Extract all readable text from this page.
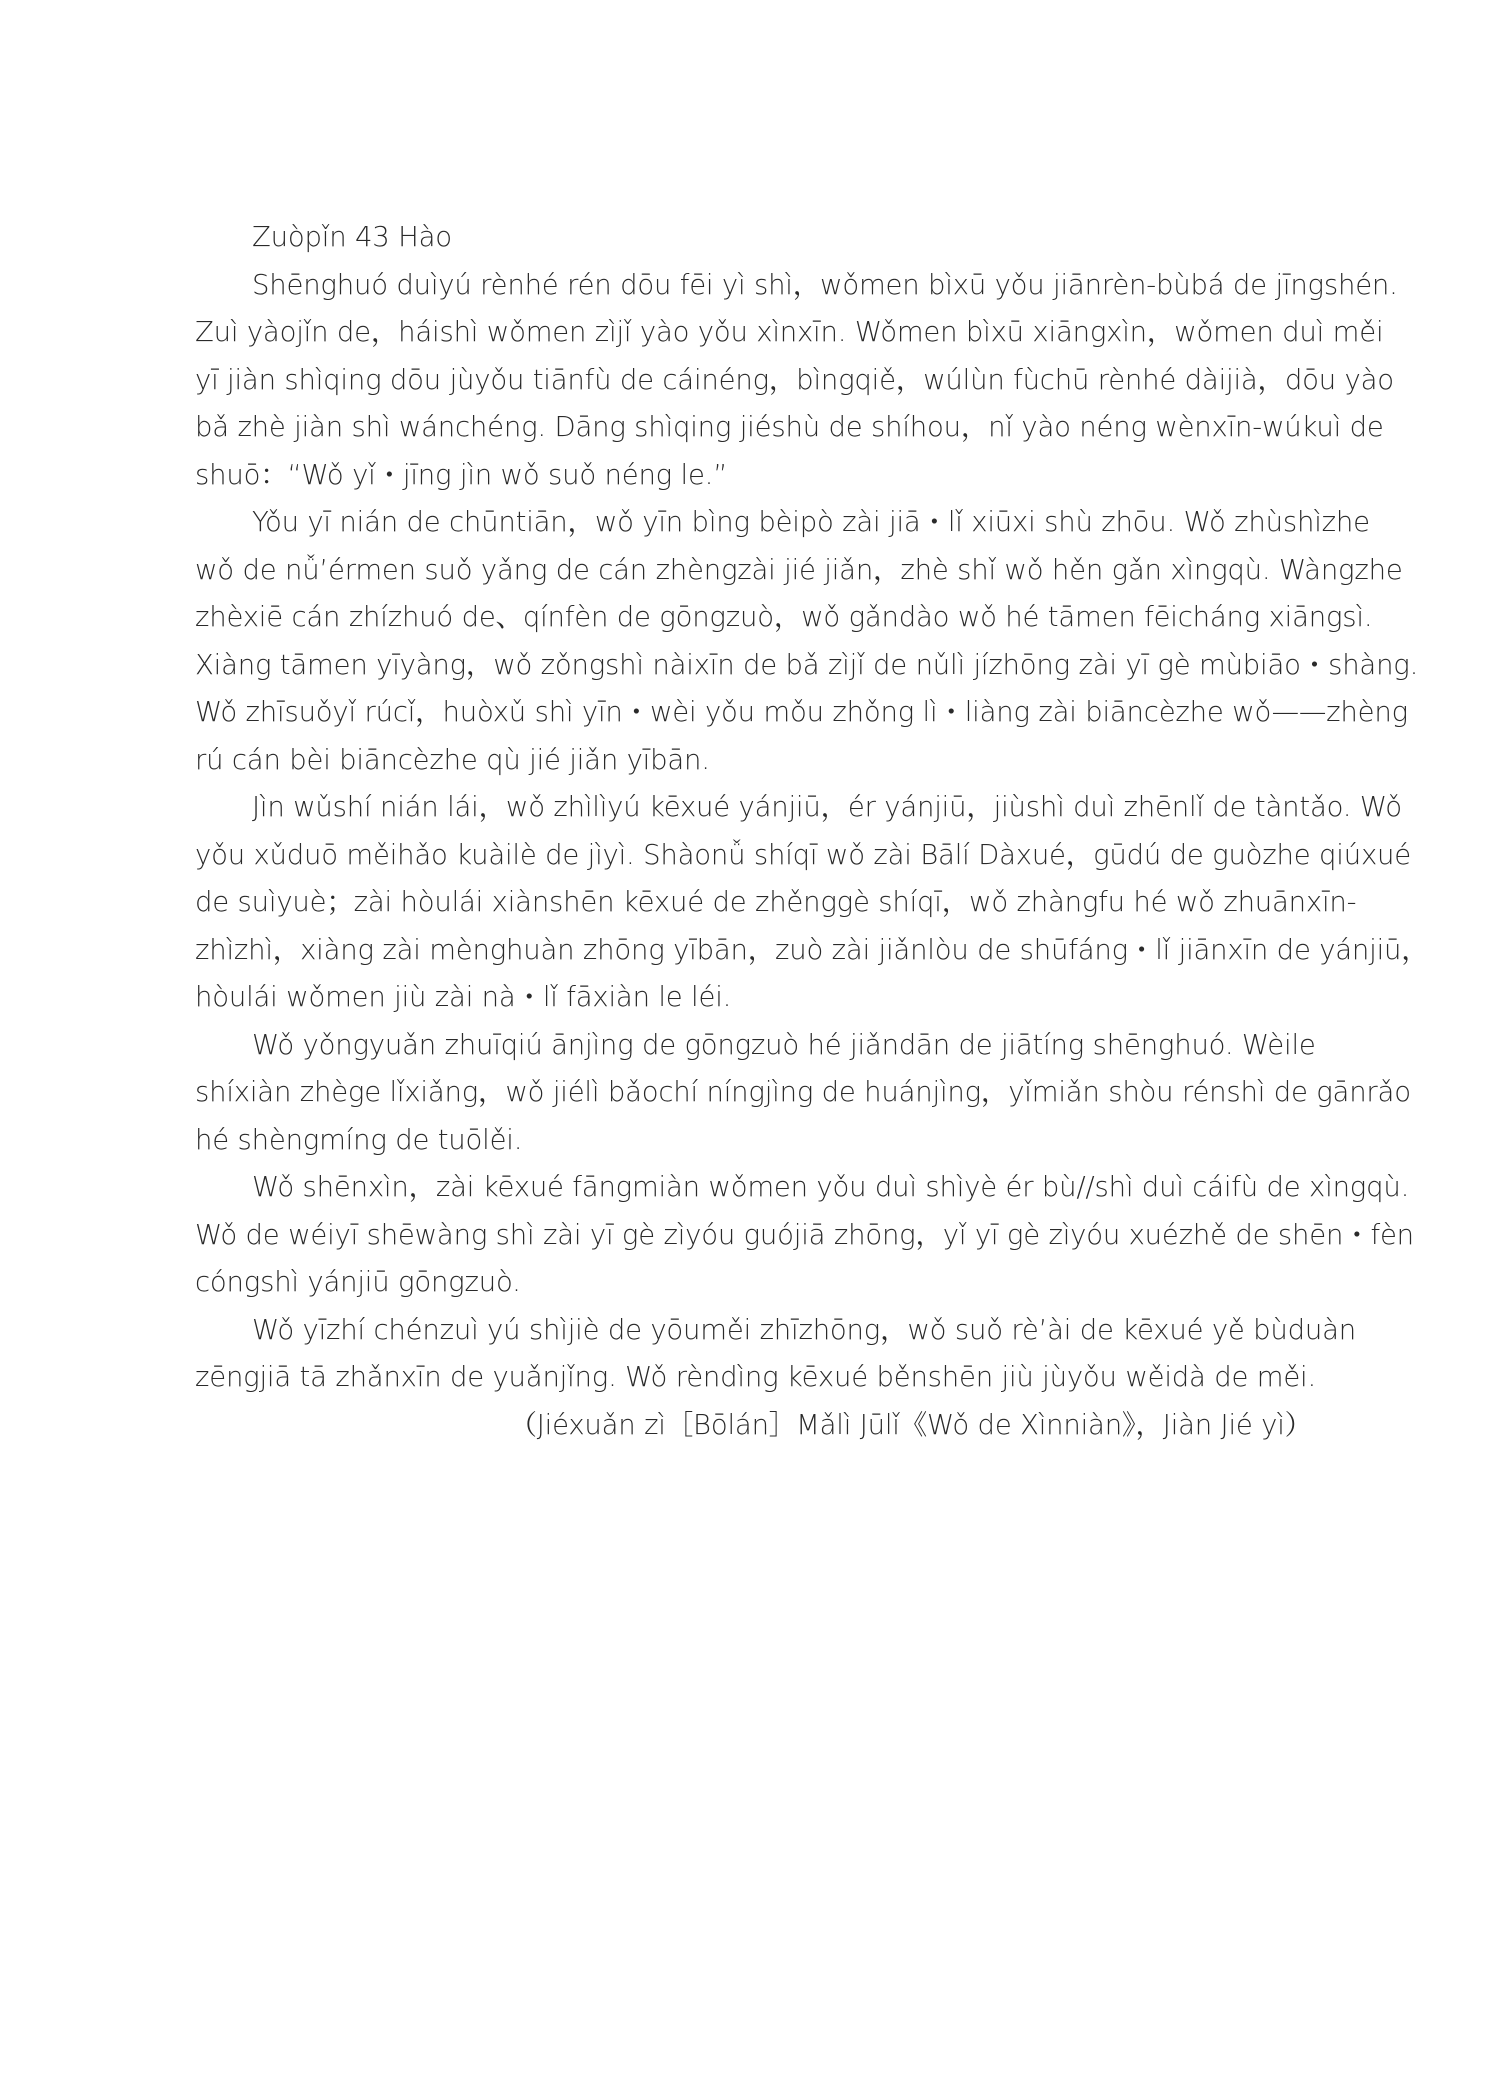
Zuòpǐn 43 Hào
Shēnghuó duìyú rènhé rén dōu fēi yì shì，wǒmen bìxū yǒu jiānrèn-bùbá de jīngshén.
Zuì yàojǐn de，háishì wǒmen zìjǐ yào yǒu xìnxīn. Wǒmen bìxū xiāngxìn，wǒmen duì měi
yī jiàn shìqing dōu jùyǒu tiānfù de cáinéng，bìngqiě，wúlùn fùchū rènhé dàijià，dōu yào
bǎ zhè jiàn shì wánchéng. Dāng shìqing jiéshù de shíhou，nǐ yào néng wènxīn-wúkuì de
shuō：“Wǒ yǐ・jīng jìn wǒ suǒ néng le.”
Yǒu yī nián de chūntiān，wǒ yīn bìng bèipò zài jiā・lǐ xiūxi shù zhōu. Wǒ zhùshìzhe
wǒ de nǚ’érmen suǒ yǎng de cán zhèngzài jié jiǎn，zhè shǐ wǒ hěn gǎn xìngqù. Wàngzhe
zhèxiē cán zhízhuó de、qínfèn de gōngzuò，wǒ gǎndào wǒ hé tāmen fēicháng xiāngsì.
Xiàng tāmen yīyàng，wǒ zǒngshì nàixīn de bǎ zìjǐ de nǔlì jízhōng zài yī gè mùbiāo・shàng.
Wǒ zhīsuǒyǐ rúcǐ，huòxǔ shì yīn・wèi yǒu mǒu zhǒng lì・liàng zài biāncèzhe wǒ——zhèng
rú cán bèi biāncèzhe qù jié jiǎn yībān.
Jìn wǔshí nián lái，wǒ zhìlìyú kēxué yánjiū，ér yánjiū，jiùshì duì zhēnlǐ de tàntǎo. Wǒ
yǒu xǔduō měihǎo kuàilè de jìyì. Shàonǚ shíqī wǒ zài Bālí Dàxué，gūdú de guòzhe qiúxué
de suìyuè；zài hòulái xiànshēn kēxué de zhěnggè shíqī，wǒ zhàngfu hé wǒ zhuānxīn-
zhìzhì，xiàng zài mènghuàn zhōng yībān，zuò zài jiǎnlòu de shūfáng・lǐ jiānxīn de yánjiū，
hòulái wǒmen jiù zài nà・lǐ fāxiàn le léi.
Wǒ yǒngyuǎn zhuīqiú ānjìng de gōngzuò hé jiǎndān de jiātíng shēnghuó. Wèile
shíxiàn zhège lǐxiǎng，wǒ jiélì bǎochí níngjìng de huánjìng，yǐmiǎn shòu rénshì de gānrǎo
hé shèngmíng de tuōlěi.
Wǒ shēnxìn，zài kēxué fāngmiàn wǒmen yǒu duì shìyè ér bù//shì duì cáifù de xìngqù.
Wǒ de wéiyī shēwàng shì zài yī gè zìyóu guójiā zhōng，yǐ yī gè zìyóu xuézhě de shēn・fèn
cóngshì yánjiū gōngzuò.
Wǒ yīzhí chénzuì yú shìjiè de yōuměi zhīzhōng，wǒ suǒ rè’ài de kēxué yě bùduàn
zēngjiā tā zhǎnxīn de yuǎnjǐng. Wǒ rèndìng kēxué běnshēn jiù jùyǒu wěidà de měi.
（Jiéxuǎn zì［Bōlán］Mǎlì Jūlǐ《Wǒ de Xìnniàn》，Jiàn Jié yì）
